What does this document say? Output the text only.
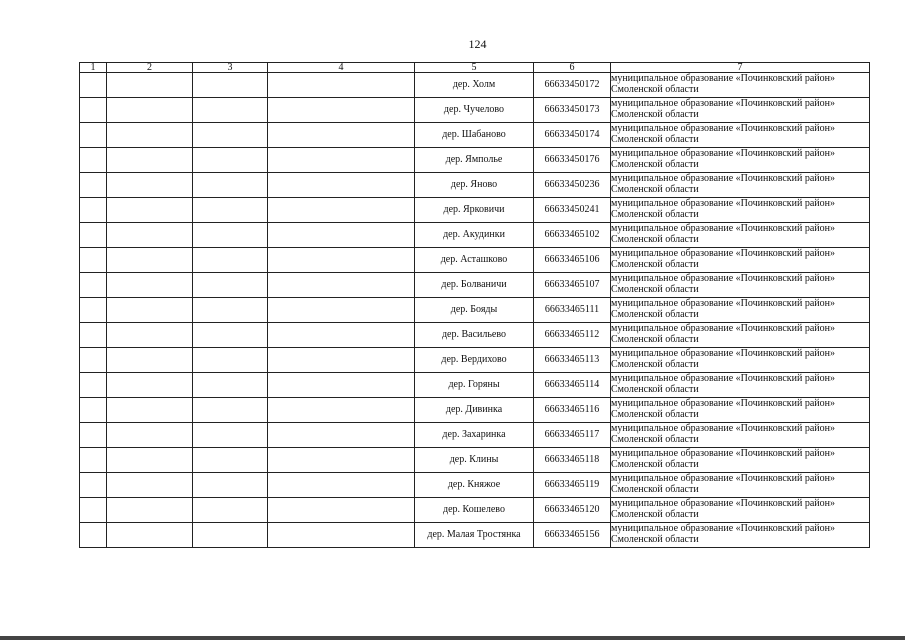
124
1	2	3	4	5	6	7
				дер. Холм	66633450172	муниципальное образование «Починковский район» Смоленской области
				дер. Чучелово	66633450173	муниципальное образование «Починковский район» Смоленской области
				дер. Шабаново	66633450174	муниципальное образование «Починковский район» Смоленской области
				дер. Ямполье	66633450176	муниципальное образование «Починковский район» Смоленской области
				дер. Яново	66633450236	муниципальное образование «Починковский район» Смоленской области
				дер. Ярковичи	66633450241	муниципальное образование «Починковский район» Смоленской области
				дер. Акудинки	66633465102	муниципальное образование «Починковский район» Смоленской области
				дер. Асташково	66633465106	муниципальное образование «Починковский район» Смоленской области
				дер. Болваничи	66633465107	муниципальное образование «Починковский район» Смоленской области
				дер. Бояды	66633465111	муниципальное образование «Починковский район» Смоленской области
				дер. Васильево	66633465112	муниципальное образование «Починковский район» Смоленской области
				дер. Вердихово	66633465113	муниципальное образование «Починковский район» Смоленской области
				дер. Горяны	66633465114	муниципальное образование «Починковский район» Смоленской области
				дер. Дивинка	66633465116	муниципальное образование «Починковский район» Смоленской области
				дер. Захаринка	66633465117	муниципальное образование «Починковский район» Смоленской области
				дер. Клины	66633465118	муниципальное образование «Починковский район» Смоленской области
				дер. Княжое	66633465119	муниципальное образование «Починковский район» Смоленской области
				дер. Кошелево	66633465120	муниципальное образование «Починковский район» Смоленской области
				дер. Малая Тростянка	66633465156	муниципальное образование «Починковский район» Смоленской области
